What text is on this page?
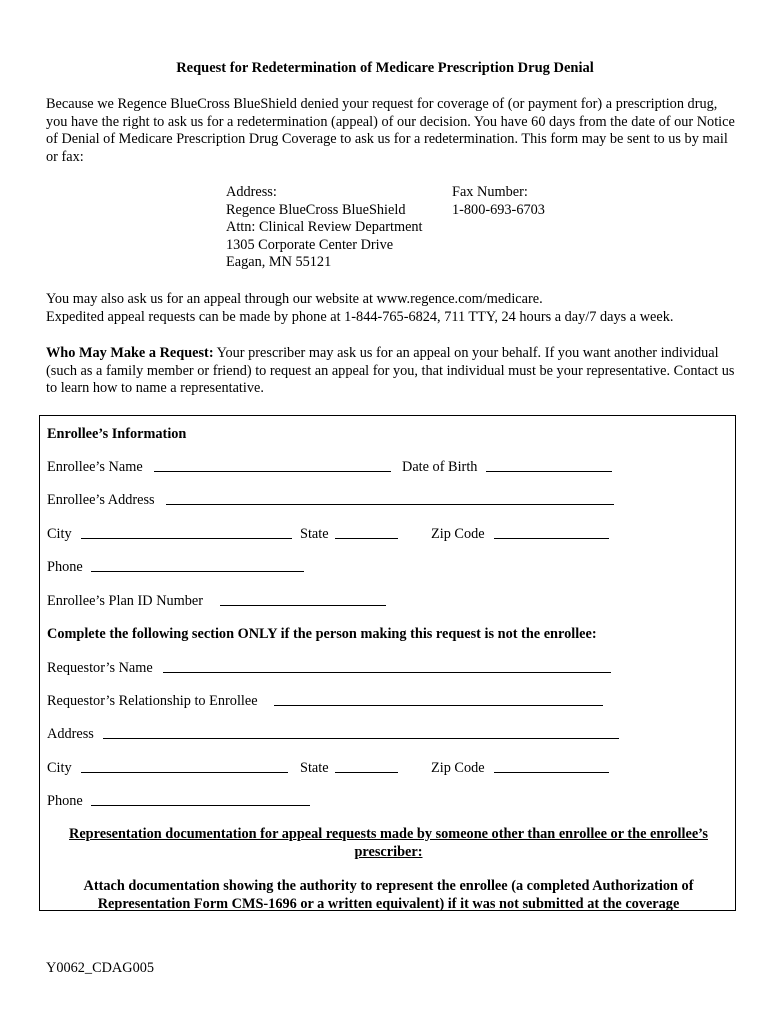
Request for Redetermination of Medicare Prescription Drug Denial
Because we Regence BlueCross BlueShield denied your request for coverage of (or payment for) a prescription drug, you have the right to ask us for a redetermination (appeal) of our decision. You have 60 days from the date of our Notice of Denial of Medicare Prescription Drug Coverage to ask us for a redetermination. This form may be sent to us by mail or fax:
Address:
Regence BlueCross BlueShield
Attn: Clinical Review Department
1305 Corporate Center Drive
Eagan, MN 55121
Fax Number:
1-800-693-6703
You may also ask us for an appeal through our website at www.regence.com/medicare.
Expedited appeal requests can be made by phone at 1-844-765-6824, 711 TTY, 24 hours a day/7 days a week.
Who May Make a Request: Your prescriber may ask us for an appeal on your behalf. If you want another individual (such as a family member or friend) to request an appeal for you, that individual must be your representative. Contact us to learn how to name a representative.
Enrollee’s Information
Enrollee’s Name	Date of Birth
Enrollee’s Address
City	State	Zip Code
Phone
Enrollee’s Plan ID Number
Complete the following section ONLY if the person making this request is not the enrollee:
Requestor’s Name
Requestor’s Relationship to Enrollee
Address
City	State	Zip Code
Phone
Representation documentation for appeal requests made by someone other than enrollee or the enrollee’s
prescriber:
Attach documentation showing the authority to represent the enrollee (a completed Authorization of
Representation Form CMS-1696 or a written equivalent) if it was not submitted at the coverage
Y0062_CDAG005
